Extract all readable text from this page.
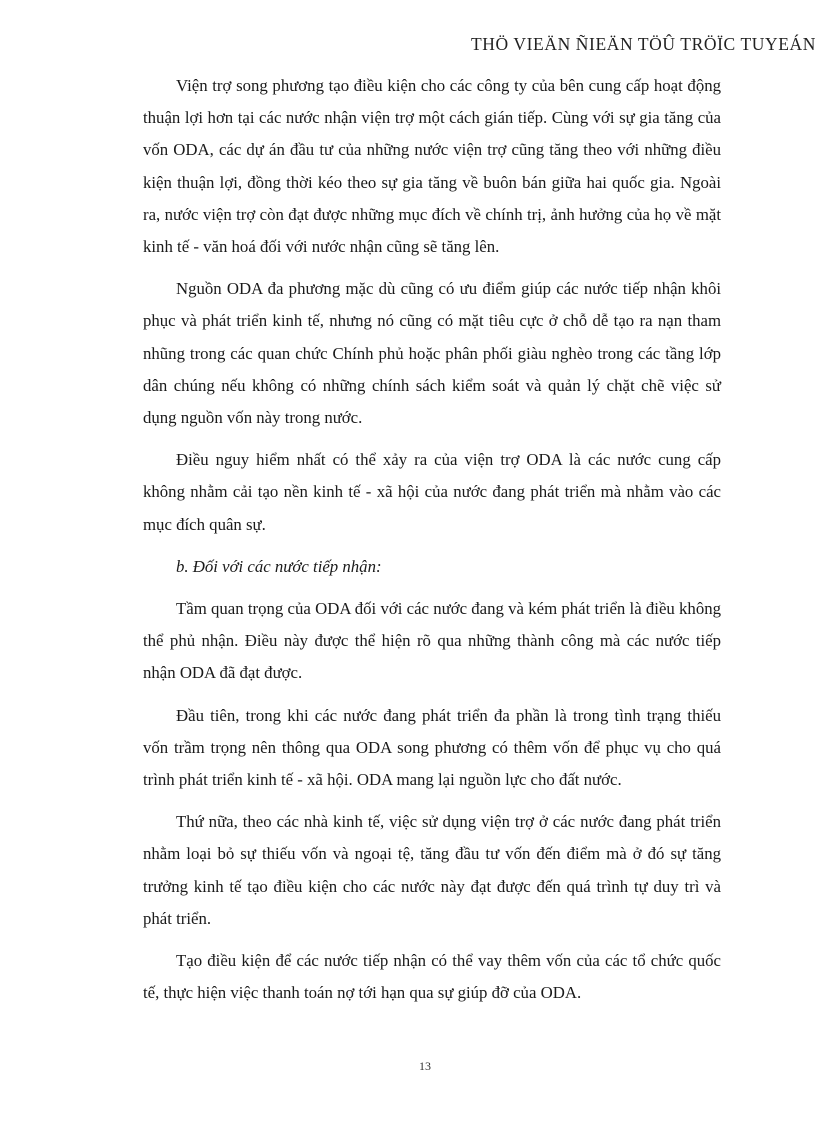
THÖ VIEÄN ÑIEÄN TÖÛ TRÖÏC TUYEÁN

Viện trợ song phương tạo điều kiện cho các công ty của bên cung cấp hoạt động thuận lợi hơn tại các nước nhận viện trợ một cách gián tiếp. Cùng với sự gia tăng của vốn ODA, các dự án đầu tư của những nước viện trợ cũng tăng theo với những điều kiện thuận lợi, đồng thời kéo theo sự gia tăng về buôn bán giữa hai quốc gia. Ngoài ra, nước viện trợ còn đạt được những mục đích về chính trị, ảnh hưởng của họ về mặt kinh tế - văn hoá đối với nước nhận cũng sẽ tăng lên.

Nguồn ODA đa phương mặc dù cũng có ưu điểm giúp các nước tiếp nhận khôi phục và phát triển kinh tế, nhưng nó cũng có mặt tiêu cực ở chỗ dễ tạo ra nạn tham nhũng trong các quan chức Chính phủ hoặc phân phối giàu nghèo trong các tầng lớp dân chúng nếu không có những chính sách kiểm soát và quản lý chặt chẽ việc sử dụng nguồn vốn này trong nước.

Điều nguy hiểm nhất có thể xảy ra của viện trợ ODA là các nước cung cấp không nhằm cải tạo nền kinh tế - xã hội của nước đang phát triển mà nhằm vào các mục đích quân sự.

b. Đối với các nước tiếp nhận:

Tầm quan trọng của ODA đối với các nước đang và kém phát triển là điều không thể phủ nhận. Điều này được thể hiện rõ qua những thành công mà các nước tiếp nhận ODA đã đạt được.

Đầu tiên, trong khi các nước đang phát triển đa phần là trong tình trạng thiếu vốn trầm trọng nên thông qua ODA song phương có thêm vốn để phục vụ cho quá trình phát triển kinh tế - xã hội. ODA mang lại nguồn lực cho đất nước.

Thứ nữa, theo các nhà kinh tế, việc sử dụng viện trợ ở các nước đang phát triển nhằm loại bỏ sự thiếu vốn và ngoại tệ, tăng đầu tư vốn đến điểm mà ở đó sự tăng trưởng kinh tế tạo điều kiện cho các nước này đạt được đến quá trình tự duy trì và phát triển.

Tạo điều kiện để các nước tiếp nhận có thể vay thêm vốn của các tổ chức quốc tế, thực hiện việc thanh toán nợ tới hạn qua sự giúp đỡ của ODA.

13
